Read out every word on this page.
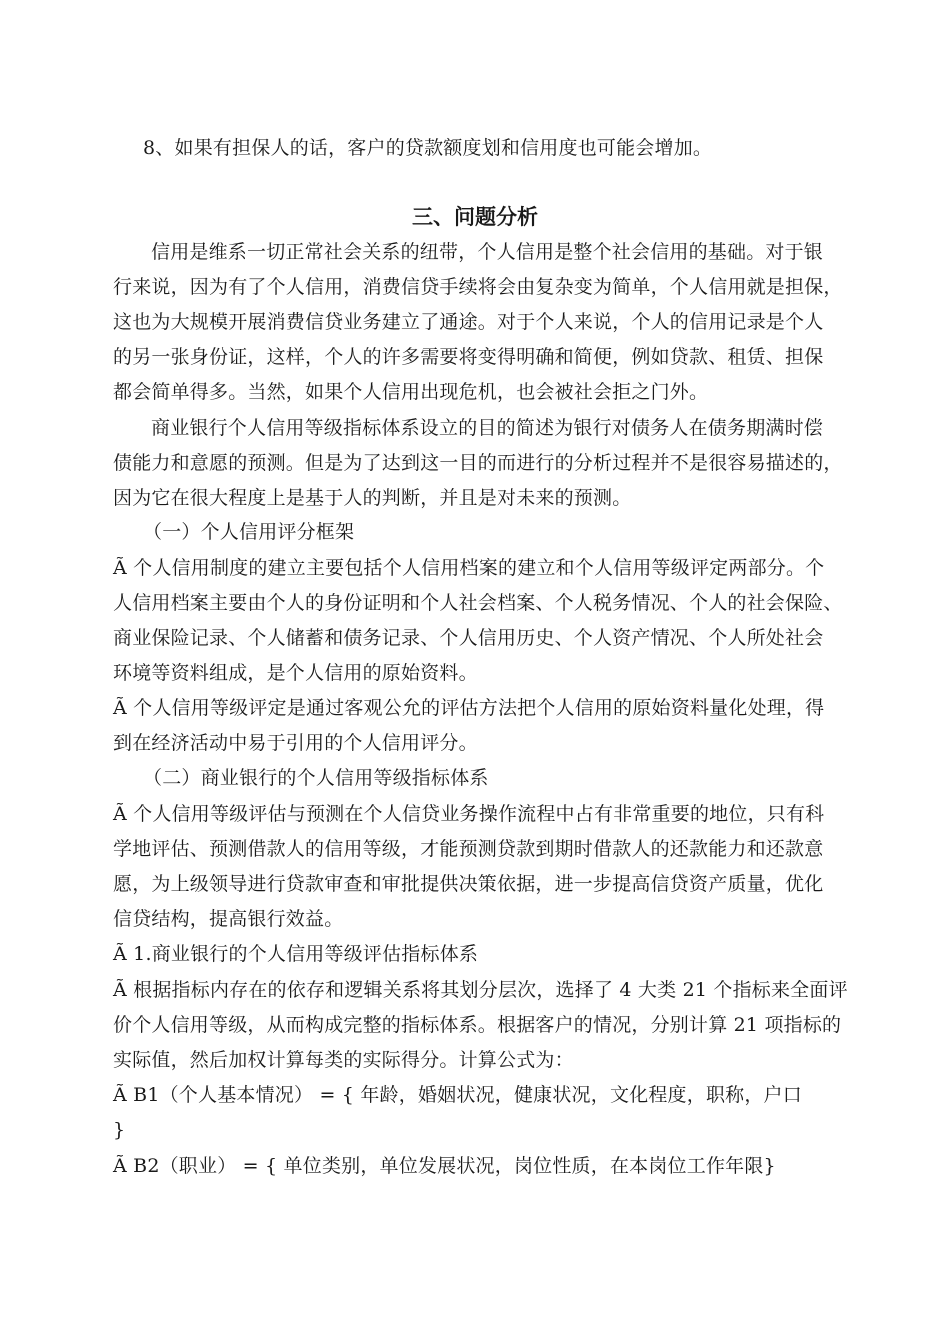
8、如果有担保人的话，客户的贷款额度划和信用度也可能会增加。
三、问题分析
信用是维系一切正常社会关系的纽带，个人信用是整个社会信用的基础。对于银
行来说，因为有了个人信用，消费信贷手续将会由复杂变为简单，个人信用就是担保，
这也为大规模开展消费信贷业务建立了通途。对于个人来说，个人的信用记录是个人
的另一张身份证，这样，个人的许多需要将变得明确和简便，例如贷款、租赁、担保
都会简单得多。当然，如果个人信用出现危机，也会被社会拒之门外。
商业银行个人信用等级指标体系设立的目的简述为银行对债务人在债务期满时偿
债能力和意愿的预测。但是为了达到这一目的而进行的分析过程并不是很容易描述的，
因为它在很大程度上是基于人的判断，并且是对未来的预测。
（一）个人信用评分框架
Ã 个人信用制度的建立主要包括个人信用档案的建立和个人信用等级评定两部分。个
人信用档案主要由个人的身份证明和个人社会档案、个人税务情况、个人的社会保险、
商业保险记录、个人储蓄和债务记录、个人信用历史、个人资产情况、个人所处社会
环境等资料组成，是个人信用的原始资料。
Ã 个人信用等级评定是通过客观公允的评估方法把个人信用的原始资料量化处理，得
到在经济活动中易于引用的个人信用评分。
（二）商业银行的个人信用等级指标体系
Ã 个人信用等级评估与预测在个人信贷业务操作流程中占有非常重要的地位，只有科
学地评估、预测借款人的信用等级，才能预测贷款到期时借款人的还款能力和还款意
愿，为上级领导进行贷款审查和审批提供决策依据，进一步提高信贷资产质量，优化
信贷结构，提高银行效益。
Ã 1.商业银行的个人信用等级评估指标体系
Ã 根据指标内存在的依存和逻辑关系将其划分层次，选择了 4 大类 21 个指标来全面评
价个人信用等级，从而构成完整的指标体系。根据客户的情况，分别计算 21 项指标的
实际值，然后加权计算每类的实际得分。计算公式为：
Ã B1（个人基本情况） = { 年龄，婚姻状况，健康状况，文化程度，职称，户口
}
Ã B2（职业） = { 单位类别，单位发展状况，岗位性质，在本岗位工作年限}
